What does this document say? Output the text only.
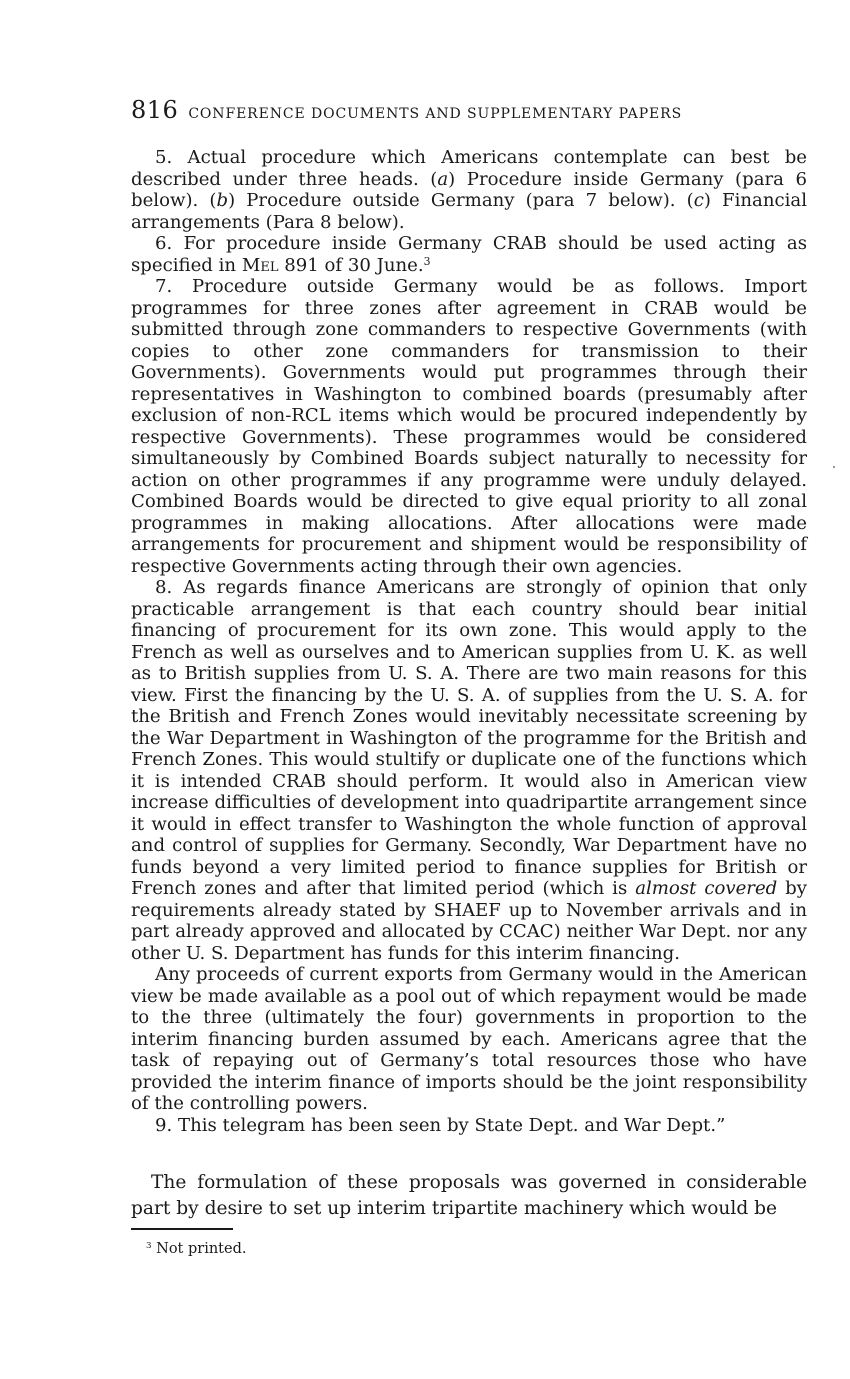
816 CONFERENCE DOCUMENTS AND SUPPLEMENTARY PAPERS

5. Actual procedure which Americans contemplate can best be described under three heads. (a) Procedure inside Germany (para 6 below). (b) Procedure outside Germany (para 7 below). (c) Financial arrangements (Para 8 below).

6. For procedure inside Germany CRAB should be used acting as specified in Mel 891 of 30 June.$^3$

7. Procedure outside Germany would be as follows. Import programmes for three zones after agreement in CRAB would be submitted through zone commanders to respective Governments (with copies to other zone commanders for transmission to their Governments). Governments would put programmes through their representatives in Washington to combined boards (presumably after exclusion of non-RCL items which would be procured independently by respective Governments). These programmes would be considered simultaneously by Combined Boards subject naturally to necessity for action on other programmes if any programme were unduly delayed. Combined Boards would be directed to give equal priority to all zonal programmes in making allocations. After allocations were made arrangements for procurement and shipment would be responsibility of respective Governments acting through their own agencies.

8. As regards finance Americans are strongly of opinion that only practicable arrangement is that each country should bear initial financing of procurement for its own zone. This would apply to the French as well as ourselves and to American supplies from U. K. as well as to British supplies from U. S. A. There are two main reasons for this view. First the financing by the U. S. A. of supplies from the U. S. A. for the British and French Zones would inevitably necessitate screening by the War Department in Washington of the programme for the British and French Zones. This would stultify or duplicate one of the functions which it is intended CRAB should perform. It would also in American view increase difficulties of development into quadripartite arrangement since it would in effect transfer to Washington the whole function of approval and control of supplies for Germany. Secondly, War Department have no funds beyond a very limited period to finance supplies for British or French zones and after that limited period (which is almost covered by requirements already stated by SHAEF up to November arrivals and in part already approved and allocated by CCAC) neither War Dept. nor any other U. S. Department has funds for this interim financing.

Any proceeds of current exports from Germany would in the American view be made available as a pool out of which repayment would be made to the three (ultimately the four) governments in proportion to the interim financing burden assumed by each. Americans agree that the task of repaying out of Germany’s total resources those who have provided the interim finance of imports should be the joint responsibility of the controlling powers.

9. This telegram has been seen by State Dept. and War Dept.”

The formulation of these proposals was governed in considerable part by desire to set up interim tripartite machinery which would be

$^3$ Not printed.
